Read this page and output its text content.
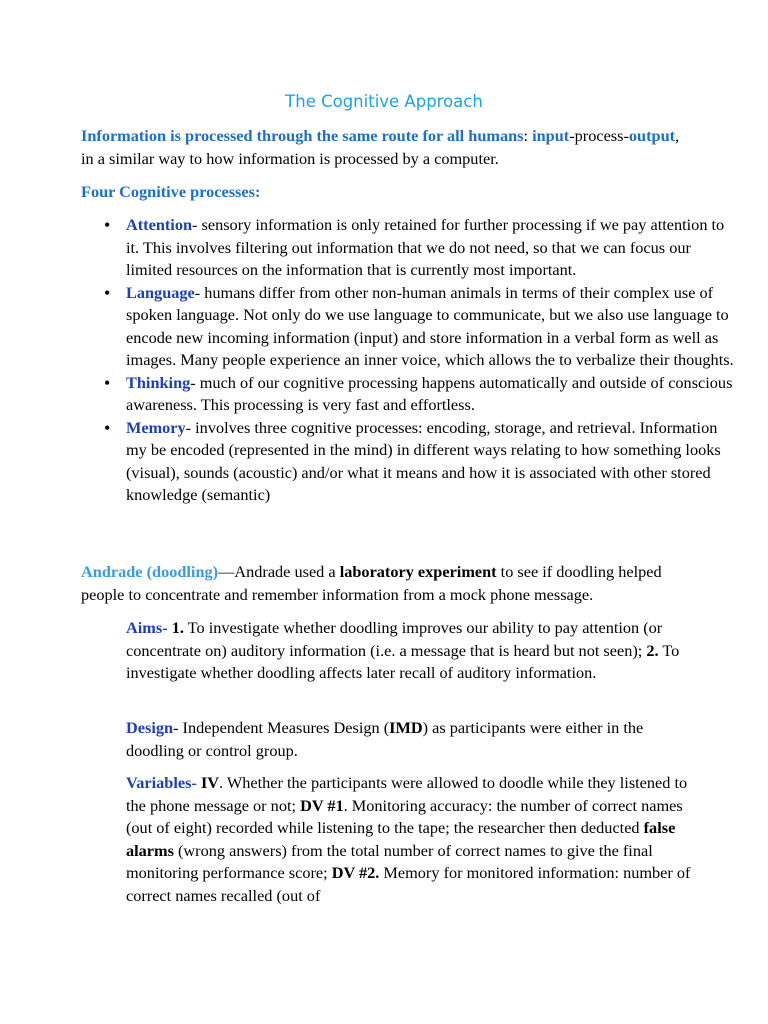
The Cognitive Approach

Information is processed through the same route for all humans: input-process-output, in a similar way to how information is processed by a computer.

Four Cognitive processes:

• Attention- sensory information is only retained for further processing if we pay attention to it. This involves filtering out information that we do not need, so that we can focus our limited resources on the information that is currently most important.
• Language- humans differ from other non-human animals in terms of their complex use of spoken language. Not only do we use language to communicate, but we also use language to encode new incoming information (input) and store information in a verbal form as well as images. Many people experience an inner voice, which allows the to verbalize their thoughts.
• Thinking- much of our cognitive processing happens automatically and outside of conscious awareness. This processing is very fast and effortless.
• Memory- involves three cognitive processes: encoding, storage, and retrieval. Information my be encoded (represented in the mind) in different ways relating to how something looks (visual), sounds (acoustic) and/or what it means and how it is associated with other stored knowledge (semantic)

Andrade (doodling)—Andrade used a laboratory experiment to see if doodling helped people to concentrate and remember information from a mock phone message.

Aims- 1. To investigate whether doodling improves our ability to pay attention (or concentrate on) auditory information (i.e. a message that is heard but not seen); 2. To investigate whether doodling affects later recall of auditory information.

Design- Independent Measures Design (IMD) as participants were either in the doodling or control group.

Variables- IV. Whether the participants were allowed to doodle while they listened to the phone message or not; DV #1. Monitoring accuracy: the number of correct names (out of eight) recorded while listening to the tape; the researcher then deducted false alarms (wrong answers) from the total number of correct names to give the final monitoring performance score; DV #2. Memory for monitored information: number of correct names recalled (out of
